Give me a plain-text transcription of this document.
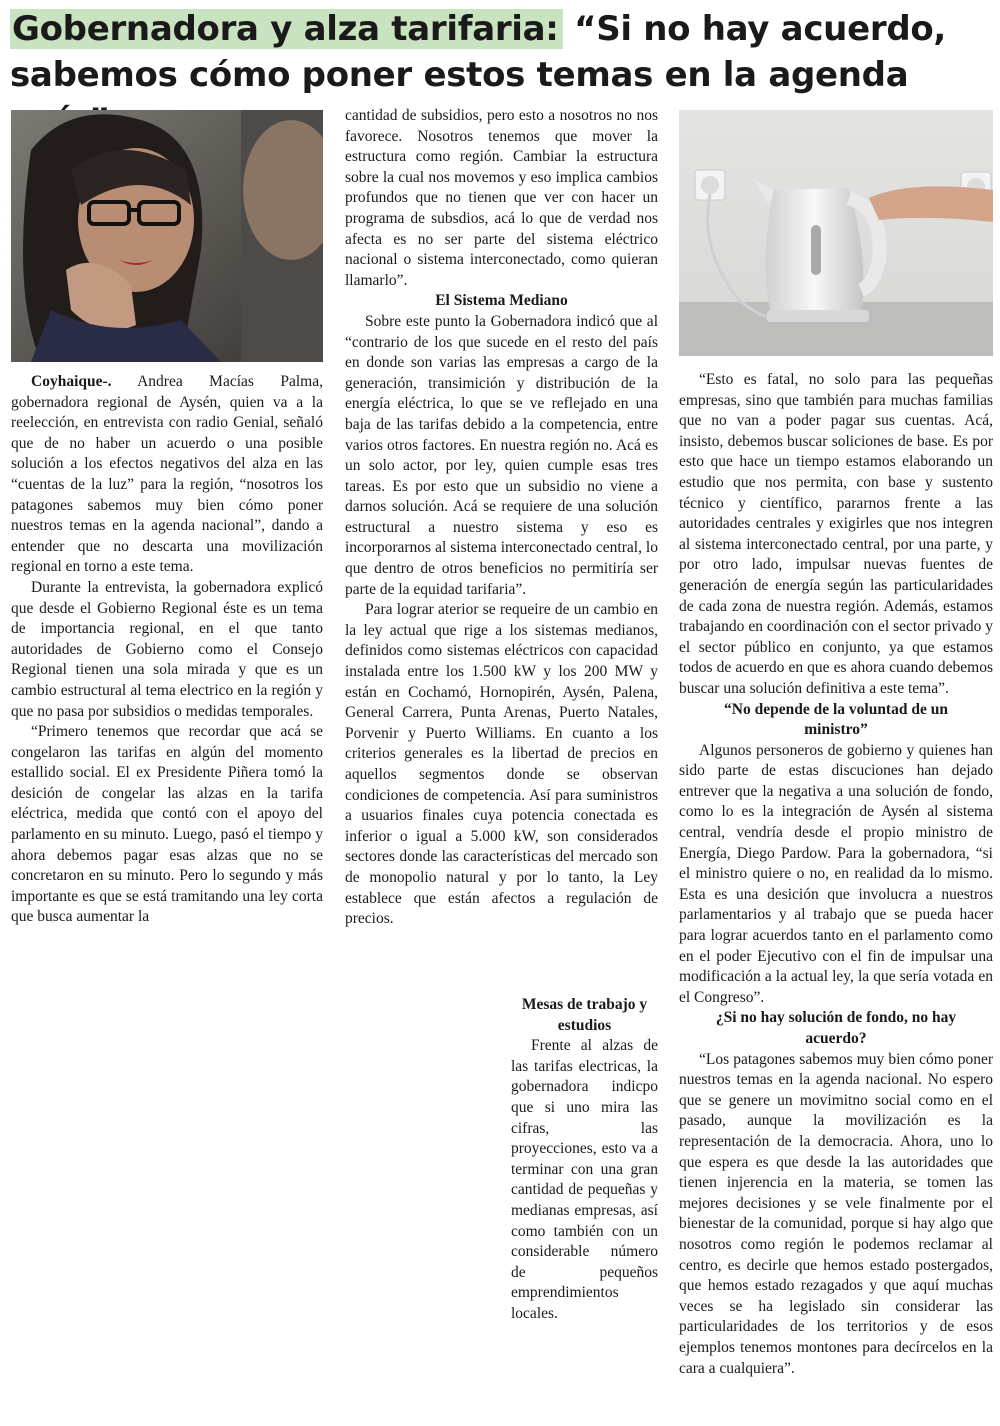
Gobernadora y alza tarifaria: “Si no hay acuerdo, sabemos cómo poner estos temas en la agenda

Coyhaique-. Andrea Macías Palma, gobernadora regional de Aysén, quien va a la reelección, en entrevista con radio Genial, señaló que de no haber un acuerdo o una posible solución a los efectos negativos del alza en las “cuentas de la luz” para la región, “nosotros los patagones sabemos muy bien cómo poner nuestros temas en la agenda nacional”, dando a entender que no descarta una movilización regional en torno a este tema.

Durante la entrevista, la gobernadora explicó que desde el Gobierno Regional éste es un tema de importancia regional, en el que tanto autoridades de Gobierno como el Consejo Regional tienen una sola mirada y que es un cambio estructural al tema electrico en la región y que no pasa por subsidios o medidas temporales.

“Primero tenemos que recordar que acá se congelaron las tarifas en algún del momento estallido social. El ex Presidente Piñera tomó la desición de congelar las alzas en la tarifa eléctrica, medida que contó con el apoyo del parlamento en su minuto. Luego, pasó el tiempo y ahora debemos pagar esas alzas que no se concretaron en su minuto. Pero lo segundo y más importante es que se está tramitando una ley corta que busca aumentar la

cantidad de subsidios, pero esto a nosotros no nos favorece. Nosotros tenemos que mover la estructura como región. Cambiar la estructura sobre la cual nos movemos y eso implica cambios profundos que no tienen que ver con hacer un programa de subsdios, acá lo que de verdad nos afecta es no ser parte del sistema eléctrico nacional o sistema interconectado, como quieran llamarlo”.

El Sistema Mediano

Sobre este punto la Gobernadora indicó que al “contrario de los que sucede en el resto del país en donde son varias las empresas a cargo de la generación, transimición y distribución de la energía eléctrica, lo que se ve reflejado en una baja de las tarifas debido a la competencia, entre varios otros factores. En nuestra región no. Acá es un solo actor, por ley, quien cumple esas tres tareas. Es por esto que un subsidio no viene a darnos solución. Acá se requiere de una solución estructural a nuestro sistema y eso es incorporarnos al sistema interconectado central, lo que dentro de otros beneficios no permitiría ser parte de la equidad tarifaria”.

Para lograr aterior se requeire de un cambio en la ley actual que rige a los sistemas medianos, definidos como sistemas eléctricos con capacidad instalada entre los 1.500 kW y los 200 MW y están en Cochamó, Hornopirén, Aysén, Palena, General Carrera, Punta Arenas, Puerto Natales, Porvenir y Puerto Williams. En cuanto a los criterios generales es la libertad de precios en aquellos segmentos donde se observan condiciones de competencia. Así para suministros a usuarios finales cuya potencia conectada es inferior o igual a 5.000 kW, son considerados sectores donde las características del mercado son de monopolio natural y por lo tanto, la Ley establece que están afectos a regulación de precios.

Mesas de trabajo y estudios

Frente al alzas de las tarifas electricas, la gobernadora indicpo que si uno mira las cifras, las proyecciones, esto va a terminar con una gran cantidad de pequeñas y medianas empresas, así como también con un considerable número de pequeños emprendimientos locales.

“Esto es fatal, no solo para las pequeñas empresas, sino que también para muchas familias que no van a poder pagar sus cuentas. Acá, insisto, debemos buscar soliciones de base. Es por esto que hace un tiempo estamos elaborando un estudio que nos permita, con base y sustento técnico y científico, pararnos frente a las autoridades centrales y exigirles que nos integren al sistema interconectado central, por una parte, y por otro lado, impulsar nuevas fuentes de generación de energía según las particularidades de cada zona de nuestra región. Además, estamos trabajando en coordinación con el sector privado y el sector público en conjunto, ya que estamos todos de acuerdo en que es ahora cuando debemos buscar una solución definitiva a este tema”.

“No depende de la voluntad de un ministro”

Algunos personeros de gobierno y quienes han sido parte de estas discuciones han dejado entrever que la negativa a una solución de fondo, como lo es la integración de Aysén al sistema central, vendría desde el propio ministro de Energía, Diego Pardow. Para la gobernadora, “si el ministro quiere o no, en realidad da lo mismo. Esta es una desición que involucra a nuestros parlamentarios y al trabajo que se pueda hacer para lograr acuerdos tanto en el parlamento como en el poder Ejecutivo con el fin de impulsar una modificación a la actual ley, la que sería votada en el Congreso”.

¿Si no hay solución de fondo, no hay acuerdo?

“Los patagones sabemos muy bien cómo poner nuestros temas en la agenda nacional. No espero que se genere un movimitno social como en el pasado, aunque la movilización es la representación de la democracia. Ahora, uno lo que espera es que desde la las autoridades que tienen injerencia en la materia, se tomen las mejores decisiones y se vele finalmente por el bienestar de la comunidad, porque si hay algo que nosotros como región le podemos reclamar al centro, es decirle que hemos estado postergados, que hemos estado rezagados y que aquí muchas veces se ha legislado sin considerar las particularidades de los territorios y de esos ejemplos tenemos montones para decírcelos en la cara a cualquiera”.
